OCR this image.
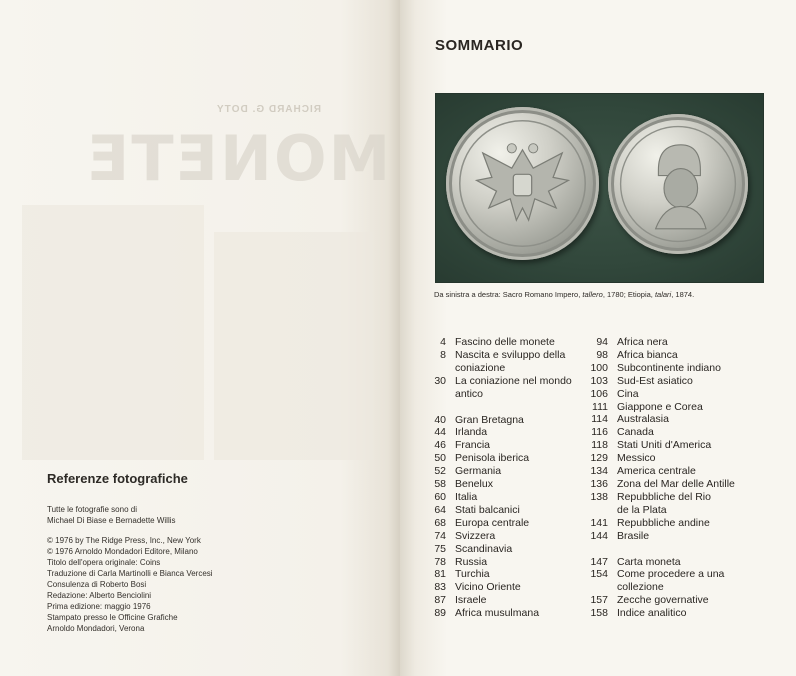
RICHARD G. DOTY
MONETE
Referenze fotografiche
Tutte le fotografie sono di
Michael Di Biase e Bernadette Willis
© 1976 by The Ridge Press, Inc., New York
© 1976 Arnoldo Mondadori Editore, Milano
Titolo dell'opera originale: Coins
Traduzione di Carla Martinolli e Bianca Vercesi
Consulenza di Roberto Bosi
Redazione: Alberto Benciolini
Prima edizione: maggio 1976
Stampato presso le Officine Grafiche
Arnoldo Mondadori, Verona
SOMMARIO

Da sinistra a destra: Sacro Romano Impero, tallero, 1780; Etiopia, talari, 1874.

4 Fascino delle monete
8 Nascita e sviluppo della
coniazione
30 La coniazione nel mondo
antico
40 Gran Bretagna
44 Irlanda
46 Francia
50 Penisola iberica
52 Germania
58 Benelux
60 Italia
64 Stati balcanici
68 Europa centrale
74 Svizzera
75 Scandinavia
78 Russia
81 Turchia
83 Vicino Oriente
87 Israele
89 Africa musulmana
94 Africa nera
98 Africa bianca
100 Subcontinente indiano
103 Sud-Est asiatico
106 Cina
111 Giappone e Corea
114 Australasia
116 Canada
118 Stati Uniti d'America
129 Messico
134 America centrale
136 Zona del Mar delle Antille
138 Repubbliche del Rio
de la Plata
141 Repubbliche andine
144 Brasile
147 Carta moneta
154 Come procedere a una
collezione
157 Zecche governative
158 Indice analitico
